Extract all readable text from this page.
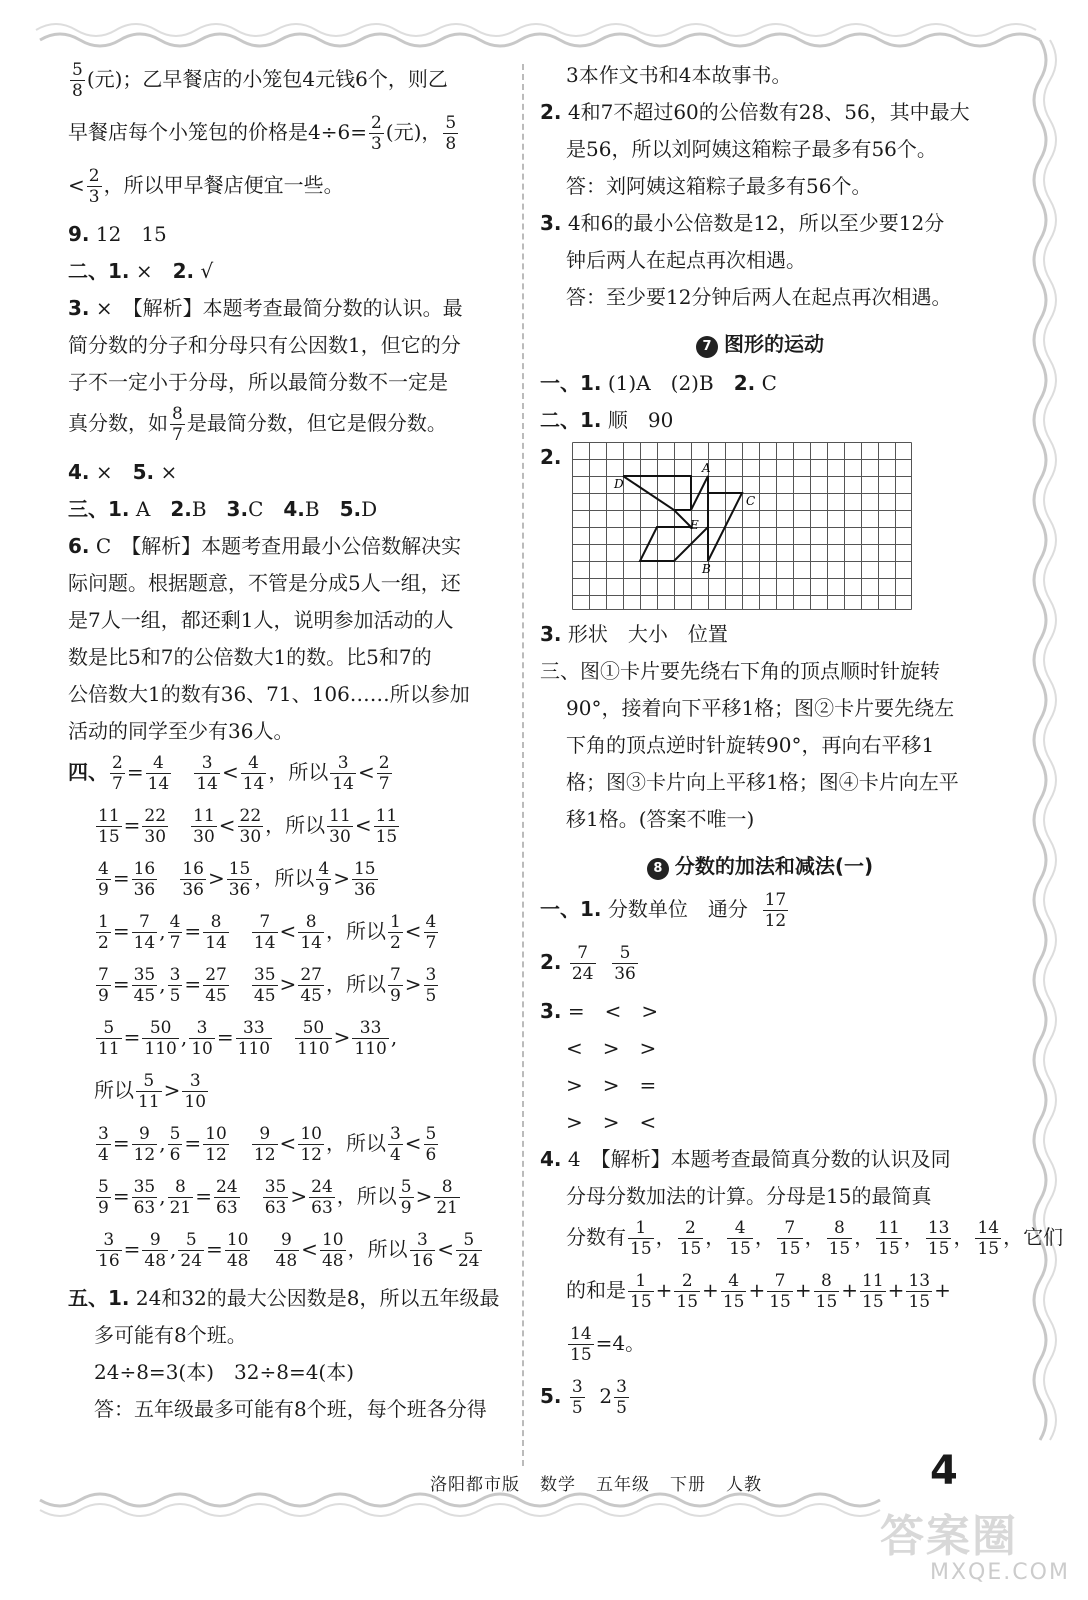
$\frac{5}{8}$ (元)；乙早餐店的小笼包4元钱6个，则乙
早餐店每个小笼包的价格是$4\div 6= \frac{2}{3}$ (元)， $\frac{5}{8}$
< $\frac{2}{3}$ ，所以甲早餐店便宜一些。
9. 12　15
二、1. ×　2. √
3. ×　【解析】本题考查最简分数的认识。最
简分数的分子和分母只有公因数1，但它的分
子不一定小于分母，所以最简分数不一定是
真分数，如 $\frac{8}{7}$ 是最简分数，但它是假分数。
4. ×　5. ×
三、1. A　2.B　3.C　4.B　5.D
6. C　【解析】本题考查用最小公倍数解决实
际问题。根据题意，不管是分成5人一组，还
是7人一组，都还剩1人，说明参加活动的人
数是比5和7的公倍数大1的数。比5和7的
公倍数大1的数有36、71、106……所以参加
活动的同学至少有36人。
四、 $\frac{2}{7} = \frac{4}{14}$
$\frac{3}{14} < \frac{4}{14}$ ，所以 $\frac{3}{14} < \frac{2}{7}$
$\frac{11}{15} = \frac{22}{30}$
$\frac{11}{30} < \frac{22}{30}$ ，所以 $\frac{11}{30} < \frac{11}{15}$
$\frac{4}{9} = \frac{16}{36}$
$\frac{16}{36} > \frac{15}{36}$ ，所以 $\frac{4}{9} > \frac{15}{36}$
$\frac{1}{2} = \frac{7}{14}$ , $\frac{4}{7} = \frac{8}{14}$
$\frac{7}{14} < \frac{8}{14}$ ，所以 $\frac{1}{2} < \frac{4}{7}$
$\frac{7}{9} = \frac{35}{45}$ , $\frac{3}{5} = \frac{27}{45}$
$\frac{35}{45} > \frac{27}{45}$ ，所以 $\frac{7}{9} > \frac{3}{5}$
$\frac{5}{11} = \frac{50}{110}$ , $\frac{3}{10} = \frac{33}{110}$
$\frac{50}{110} > \frac{33}{110}$ ,
所以 $\frac{5}{11} > \frac{3}{10}$
$\frac{3}{4} = \frac{9}{12}$ , $\frac{5}{6} = \frac{10}{12}$
$\frac{9}{12} < \frac{10}{12}$ ，所以 $\frac{3}{4} < \frac{5}{6}$
$\frac{5}{9} = \frac{35}{63}$ , $\frac{8}{21} = \frac{24}{63}$
$\frac{35}{63} > \frac{24}{63}$ ，所以 $\frac{5}{9} > \frac{8}{21}$
$\frac{3}{16} = \frac{9}{48}$ , $\frac{5}{24} = \frac{10}{48}$
$\frac{9}{48} < \frac{10}{48}$ ，所以 $\frac{3}{16} < \frac{5}{24}$
五、1. 24和32的最大公因数是8，所以五年级最
多可能有8个班。
24÷8=3(本)　32÷8=4(本)
答：五年级最多可能有8个班，每个班各分得
3本作文书和4本故事书。
2. 4和7不超过60的公倍数有28、56，其中最大
是56，所以刘阿姨这箱粽子最多有56个。
答：刘阿姨这箱粽子最多有56个。
3. 4和6的最小公倍数是12，所以至少要12分
钟后两人在起点再次相遇。
答：至少要12分钟后两人在起点再次相遇。
7 图形的运动
一、1. (1)A　(2)B　2. C
二、1. 顺　90
2.	A
B
C
D
E
3. 形状　大小　位置
三、图①卡片要先绕右下角的顶点顺时针旋转
90°，接着向下平移1格；图②卡片要先绕左
下角的顶点逆时针旋转90°，再向右平移1
格；图③卡片向上平移1格；图④卡片向左平
移1格。(答案不唯一)
8 分数的加法和减法(一)
一、1. 分数单位　通分 $\frac{17}{12}$
2. $\frac{7}{24}$
$\frac{5}{36}$
3. =　<　>
<　>　>
>　>　=
>　>　<
4. 4　【解析】本题考查最简真分数的认识及同
分母分数加法的计算。分母是15的最简真
分数有 $\frac{1}{15}$ ， $\frac{2}{15}$ ， $\frac{4}{15}$ ， $\frac{7}{15}$ ， $\frac{8}{15}$ ， $\frac{11}{15}$ ， $\frac{13}{15}$ ， $\frac{14}{15}$ ，它们
的和是 $\frac{1}{15} + \frac{2}{15} + \frac{4}{15} + \frac{7}{15} + \frac{8}{15} + \frac{11}{15} + \frac{13}{15}$ +
$\frac{14}{15} =4$。
5. $\frac{3}{5} 2 \frac{3}{5}$
洛阳都市版 数学 五年级 下册 人教	4
答案圈
MXQE.COM
